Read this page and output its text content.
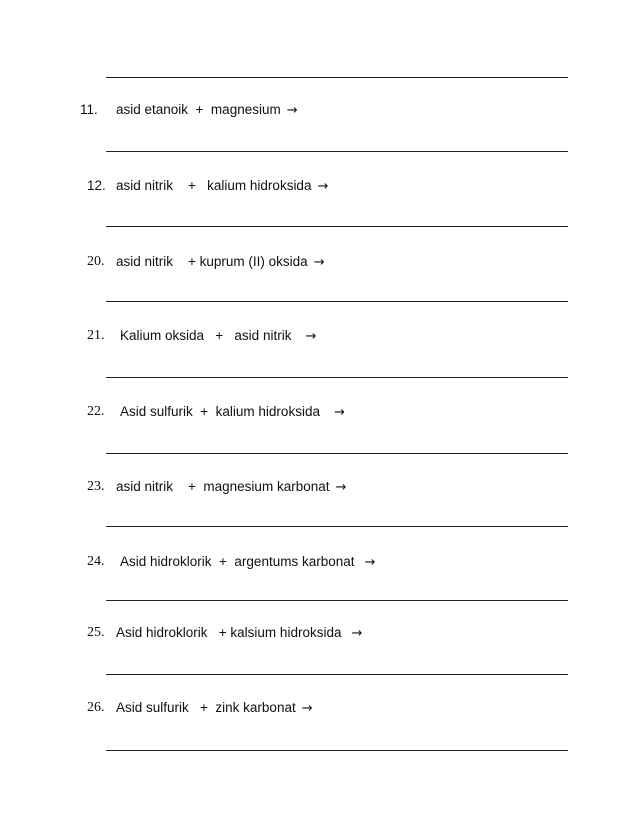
11. asid etanoik  +  magnesium →
12. asid nitrik    +   kalium hidroksida →
20. asid nitrik    + kuprum (II) oksida →
21. Kalium oksida   +   asid nitrik →
22. Asid sulfurik  +  kalium hidroksida →
23. asid nitrik    +  magnesium karbonat →
24. Asid hidroklorik  +  argentums karbonat →
25. Asid hidroklorik   + kalsium hidroksida →
26. Asid sulfurik   +  zink karbonat →
